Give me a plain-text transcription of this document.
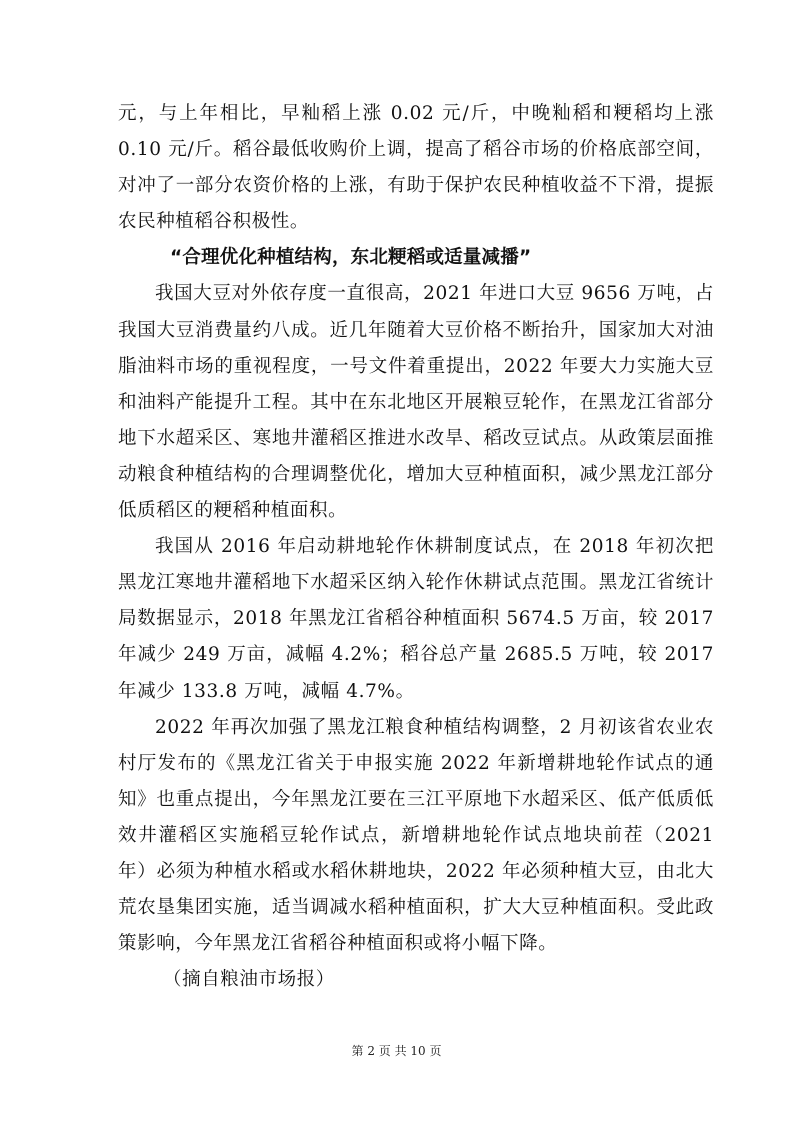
元，与上年相比，早籼稻上涨 0.02 元/斤，中晚籼稻和粳稻均上涨 0.10 元/斤。稻谷最低收购价上调，提高了稻谷市场的价格底部空间，对冲了一部分农资价格的上涨，有助于保护农民种植收益不下滑，提振农民种植稻谷积极性。

“合理优化种植结构，东北粳稻或适量减播”

我国大豆对外依存度一直很高，2021 年进口大豆 9656 万吨，占我国大豆消费量约八成。近几年随着大豆价格不断抬升，国家加大对油脂油料市场的重视程度，一号文件着重提出，2022 年要大力实施大豆和油料产能提升工程。其中在东北地区开展粮豆轮作，在黑龙江省部分地下水超采区、寒地井灌稻区推进水改旱、稻改豆试点。从政策层面推动粮食种植结构的合理调整优化，增加大豆种植面积，减少黑龙江部分低质稻区的粳稻种植面积。

我国从 2016 年启动耕地轮作休耕制度试点，在 2018 年初次把黑龙江寒地井灌稻地下水超采区纳入轮作休耕试点范围。黑龙江省统计局数据显示，2018 年黑龙江省稻谷种植面积 5674.5 万亩，较 2017 年减少 249 万亩，减幅 4.2%；稻谷总产量 2685.5 万吨，较 2017 年减少 133.8 万吨，减幅 4.7%。

2022 年再次加强了黑龙江粮食种植结构调整，2 月初该省农业农村厅发布的《黑龙江省关于申报实施 2022 年新增耕地轮作试点的通知》也重点提出，今年黑龙江要在三江平原地下水超采区、低产低质低效井灌稻区实施稻豆轮作试点，新增耕地轮作试点地块前茬（2021 年）必须为种植水稻或水稻休耕地块，2022 年必须种植大豆，由北大荒农垦集团实施，适当调减水稻种植面积，扩大大豆种植面积。受此政策影响，今年黑龙江省稻谷种植面积或将小幅下降。

（摘自粮油市场报）

第 2 页 共 10 页
